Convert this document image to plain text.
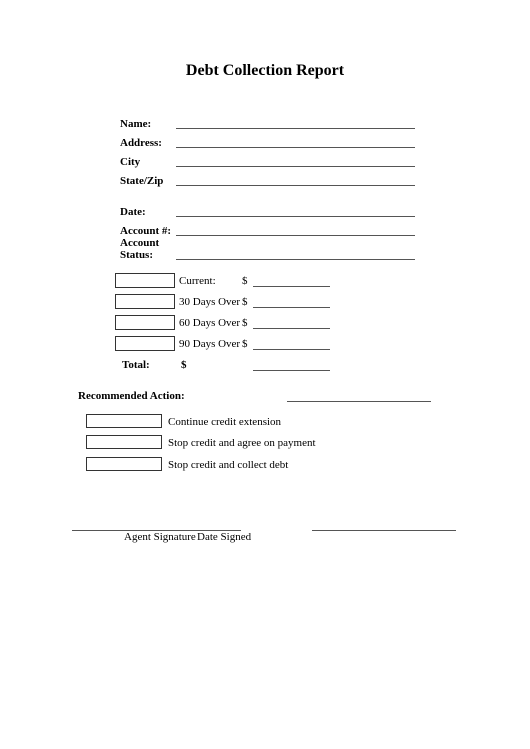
Debt Collection Report
Name:
Address:
City
State/Zip
Date:
Account #:
Account
Status:
Current: $
30 Days Over $
60 Days Over $
90 Days Over $
Total:	$
Recommended Action:
Continue credit extension
Stop credit and agree on payment
Stop credit and collect debt
Agent Signature Date Signed
